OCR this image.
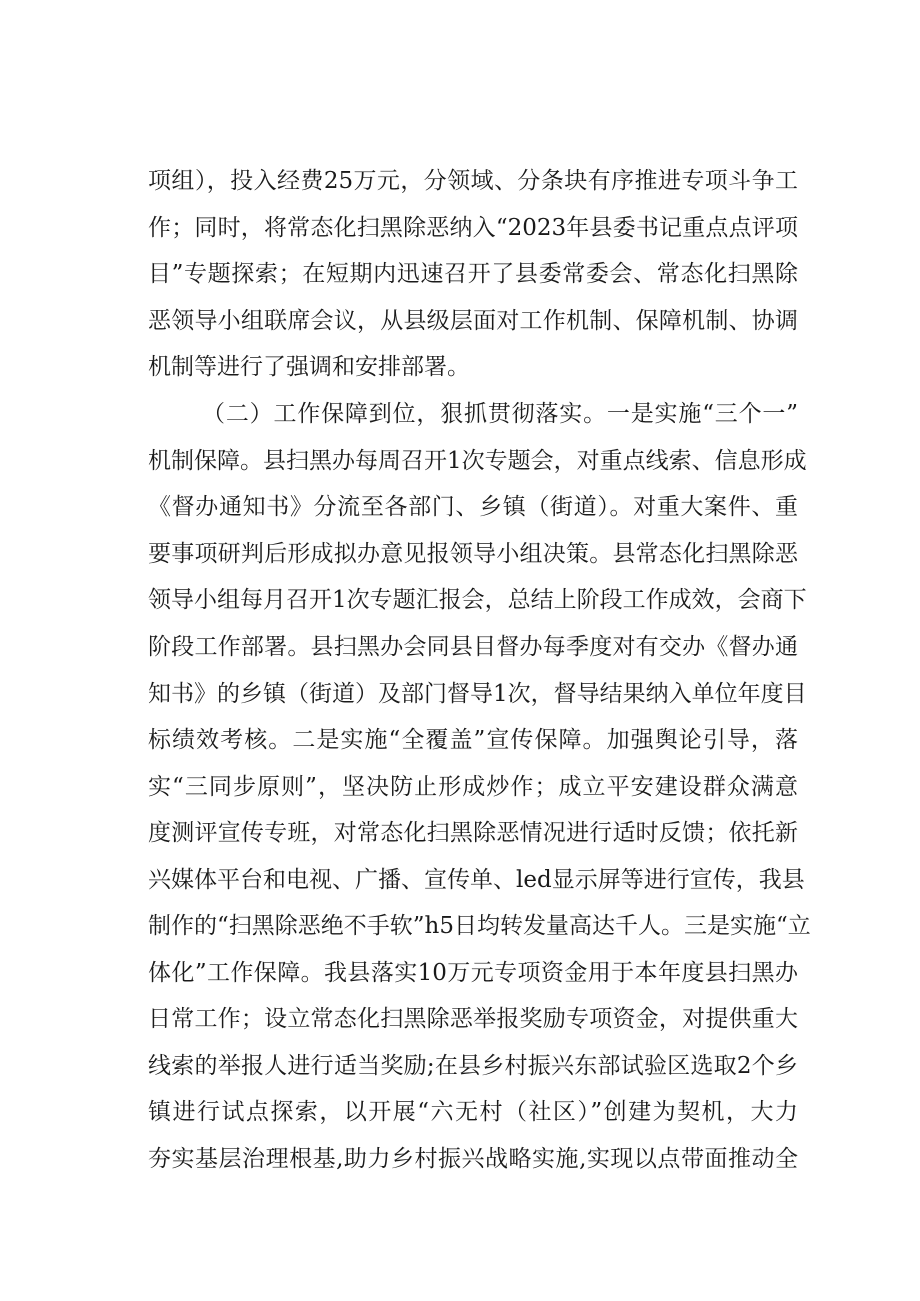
项组），投入经费25万元，分领域、分条块有序推进专项斗争工
作；同时，将常态化扫黑除恶纳入“2023年县委书记重点点评项
目”专题探索；在短期内迅速召开了县委常委会、常态化扫黑除
恶领导小组联席会议，从县级层面对工作机制、保障机制、协调
机制等进行了强调和安排部署。
（二）工作保障到位，狠抓贯彻落实。一是实施“三个一”
机制保障。县扫黑办每周召开1次专题会，对重点线索、信息形成
《督办通知书》分流至各部门、乡镇（街道）。对重大案件、重
要事项研判后形成拟办意见报领导小组决策。县常态化扫黑除恶
领导小组每月召开1次专题汇报会，总结上阶段工作成效，会商下
阶段工作部署。县扫黑办会同县目督办每季度对有交办《督办通
知书》的乡镇（街道）及部门督导1次，督导结果纳入单位年度目
标绩效考核。二是实施“全覆盖”宣传保障。加强舆论引导，落
实“三同步原则”，坚决防止形成炒作；成立平安建设群众满意
度测评宣传专班，对常态化扫黑除恶情况进行适时反馈；依托新
兴媒体平台和电视、广播、宣传单、led显示屏等进行宣传，我县
制作的“扫黑除恶绝不手软”h5日均转发量高达千人。三是实施“立
体化”工作保障。我县落实10万元专项资金用于本年度县扫黑办
日常工作；设立常态化扫黑除恶举报奖励专项资金，对提供重大
线索的举报人进行适当奖励;在县乡村振兴东部试验区选取2个乡
镇进行试点探索，以开展“六无村（社区）”创建为契机，大力
夯实基层治理根基,助力乡村振兴战略实施,实现以点带面推动全
